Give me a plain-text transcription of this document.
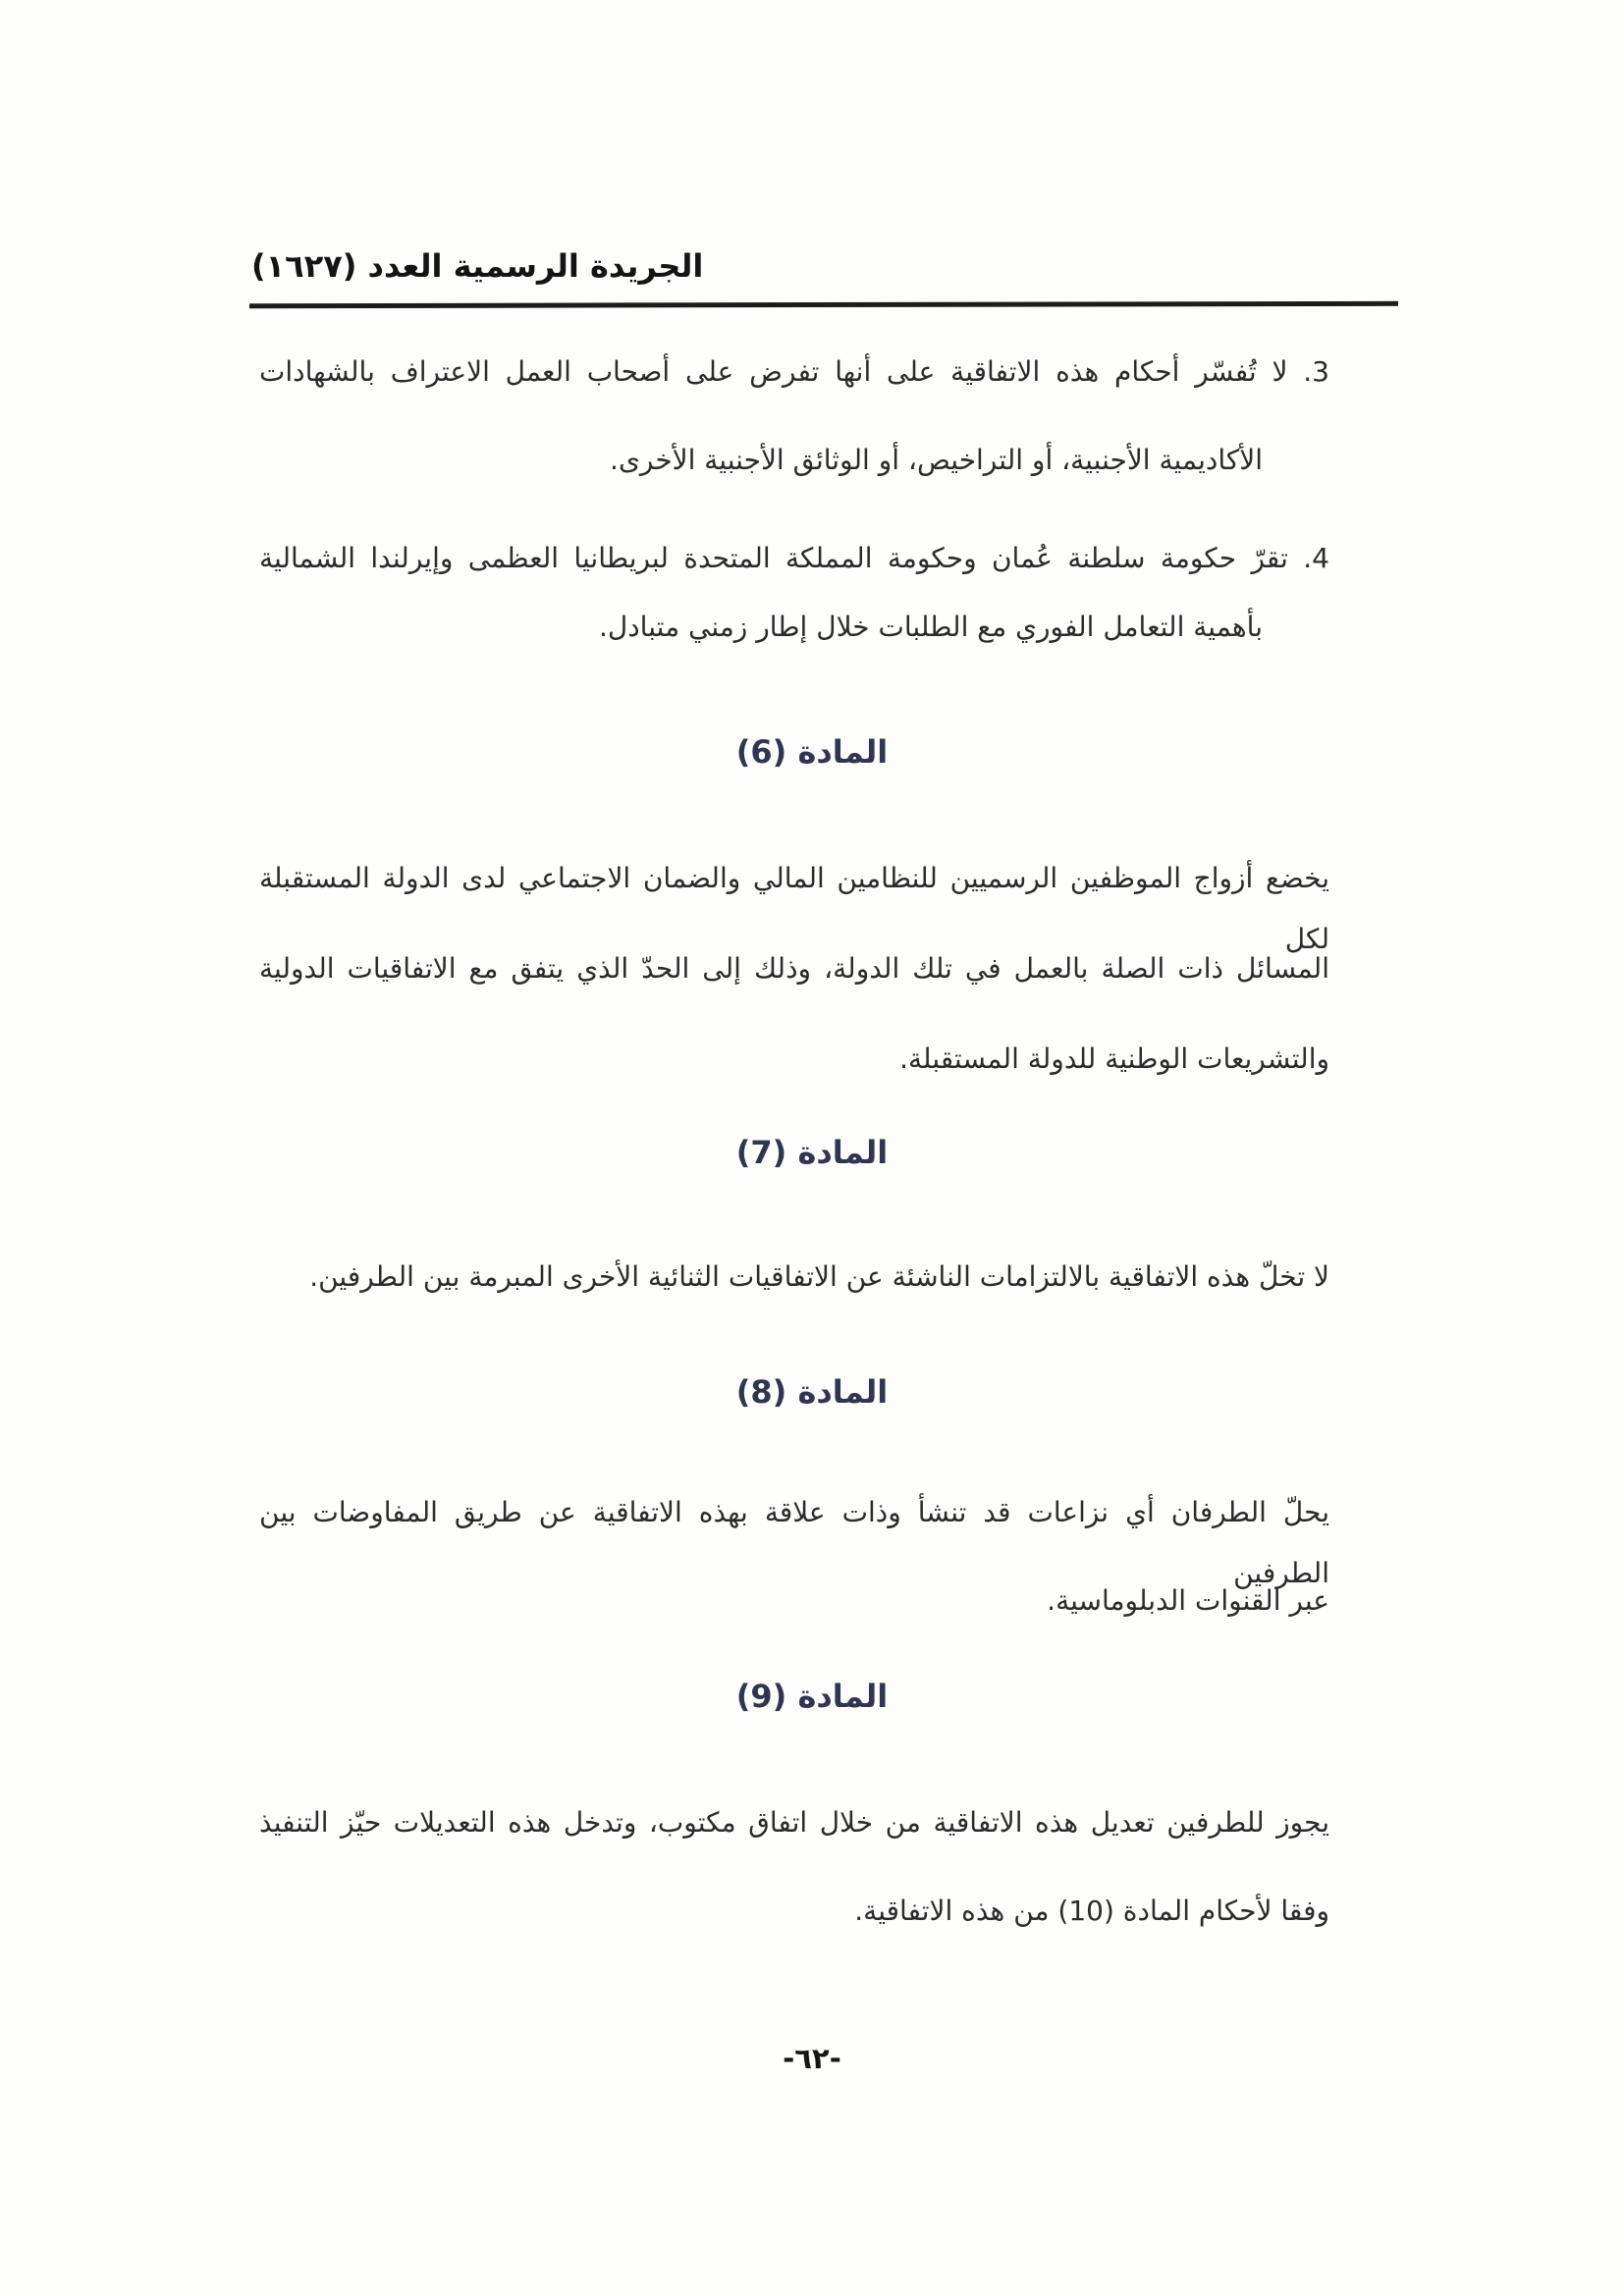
الجريدة الرسمية العدد (١٦٢٧)
3. لا تُفسّر أحكام هذه الاتفاقية على أنها تفرض على أصحاب العمل الاعتراف بالشهادات
الأكاديمية الأجنبية، أو التراخيص، أو الوثائق الأجنبية الأخرى.
4. تقرّ حكومة سلطنة عُمان وحكومة المملكة المتحدة لبريطانيا العظمى وإيرلندا الشمالية
بأهمية التعامل الفوري مع الطلبات خلال إطار زمني متبادل.
المادة (6)
يخضع أزواج الموظفين الرسميين للنظامين المالي والضمان الاجتماعي لدى الدولة المستقبلة لكل
المسائل ذات الصلة بالعمل في تلك الدولة، وذلك إلى الحدّ الذي يتفق مع الاتفاقيات الدولية
والتشريعات الوطنية للدولة المستقبلة.
المادة (7)
لا تخلّ هذه الاتفاقية بالالتزامات الناشئة عن الاتفاقيات الثنائية الأخرى المبرمة بين الطرفين.
المادة (8)
يحلّ الطرفان أي نزاعات قد تنشأ وذات علاقة بهذه الاتفاقية عن طريق المفاوضات بين الطرفين
عبر القنوات الدبلوماسية.
المادة (9)
يجوز للطرفين تعديل هذه الاتفاقية من خلال اتفاق مكتوب، وتدخل هذه التعديلات حيّز التنفيذ
وفقا لأحكام المادة (10) من هذه الاتفاقية.
-٦٢-
